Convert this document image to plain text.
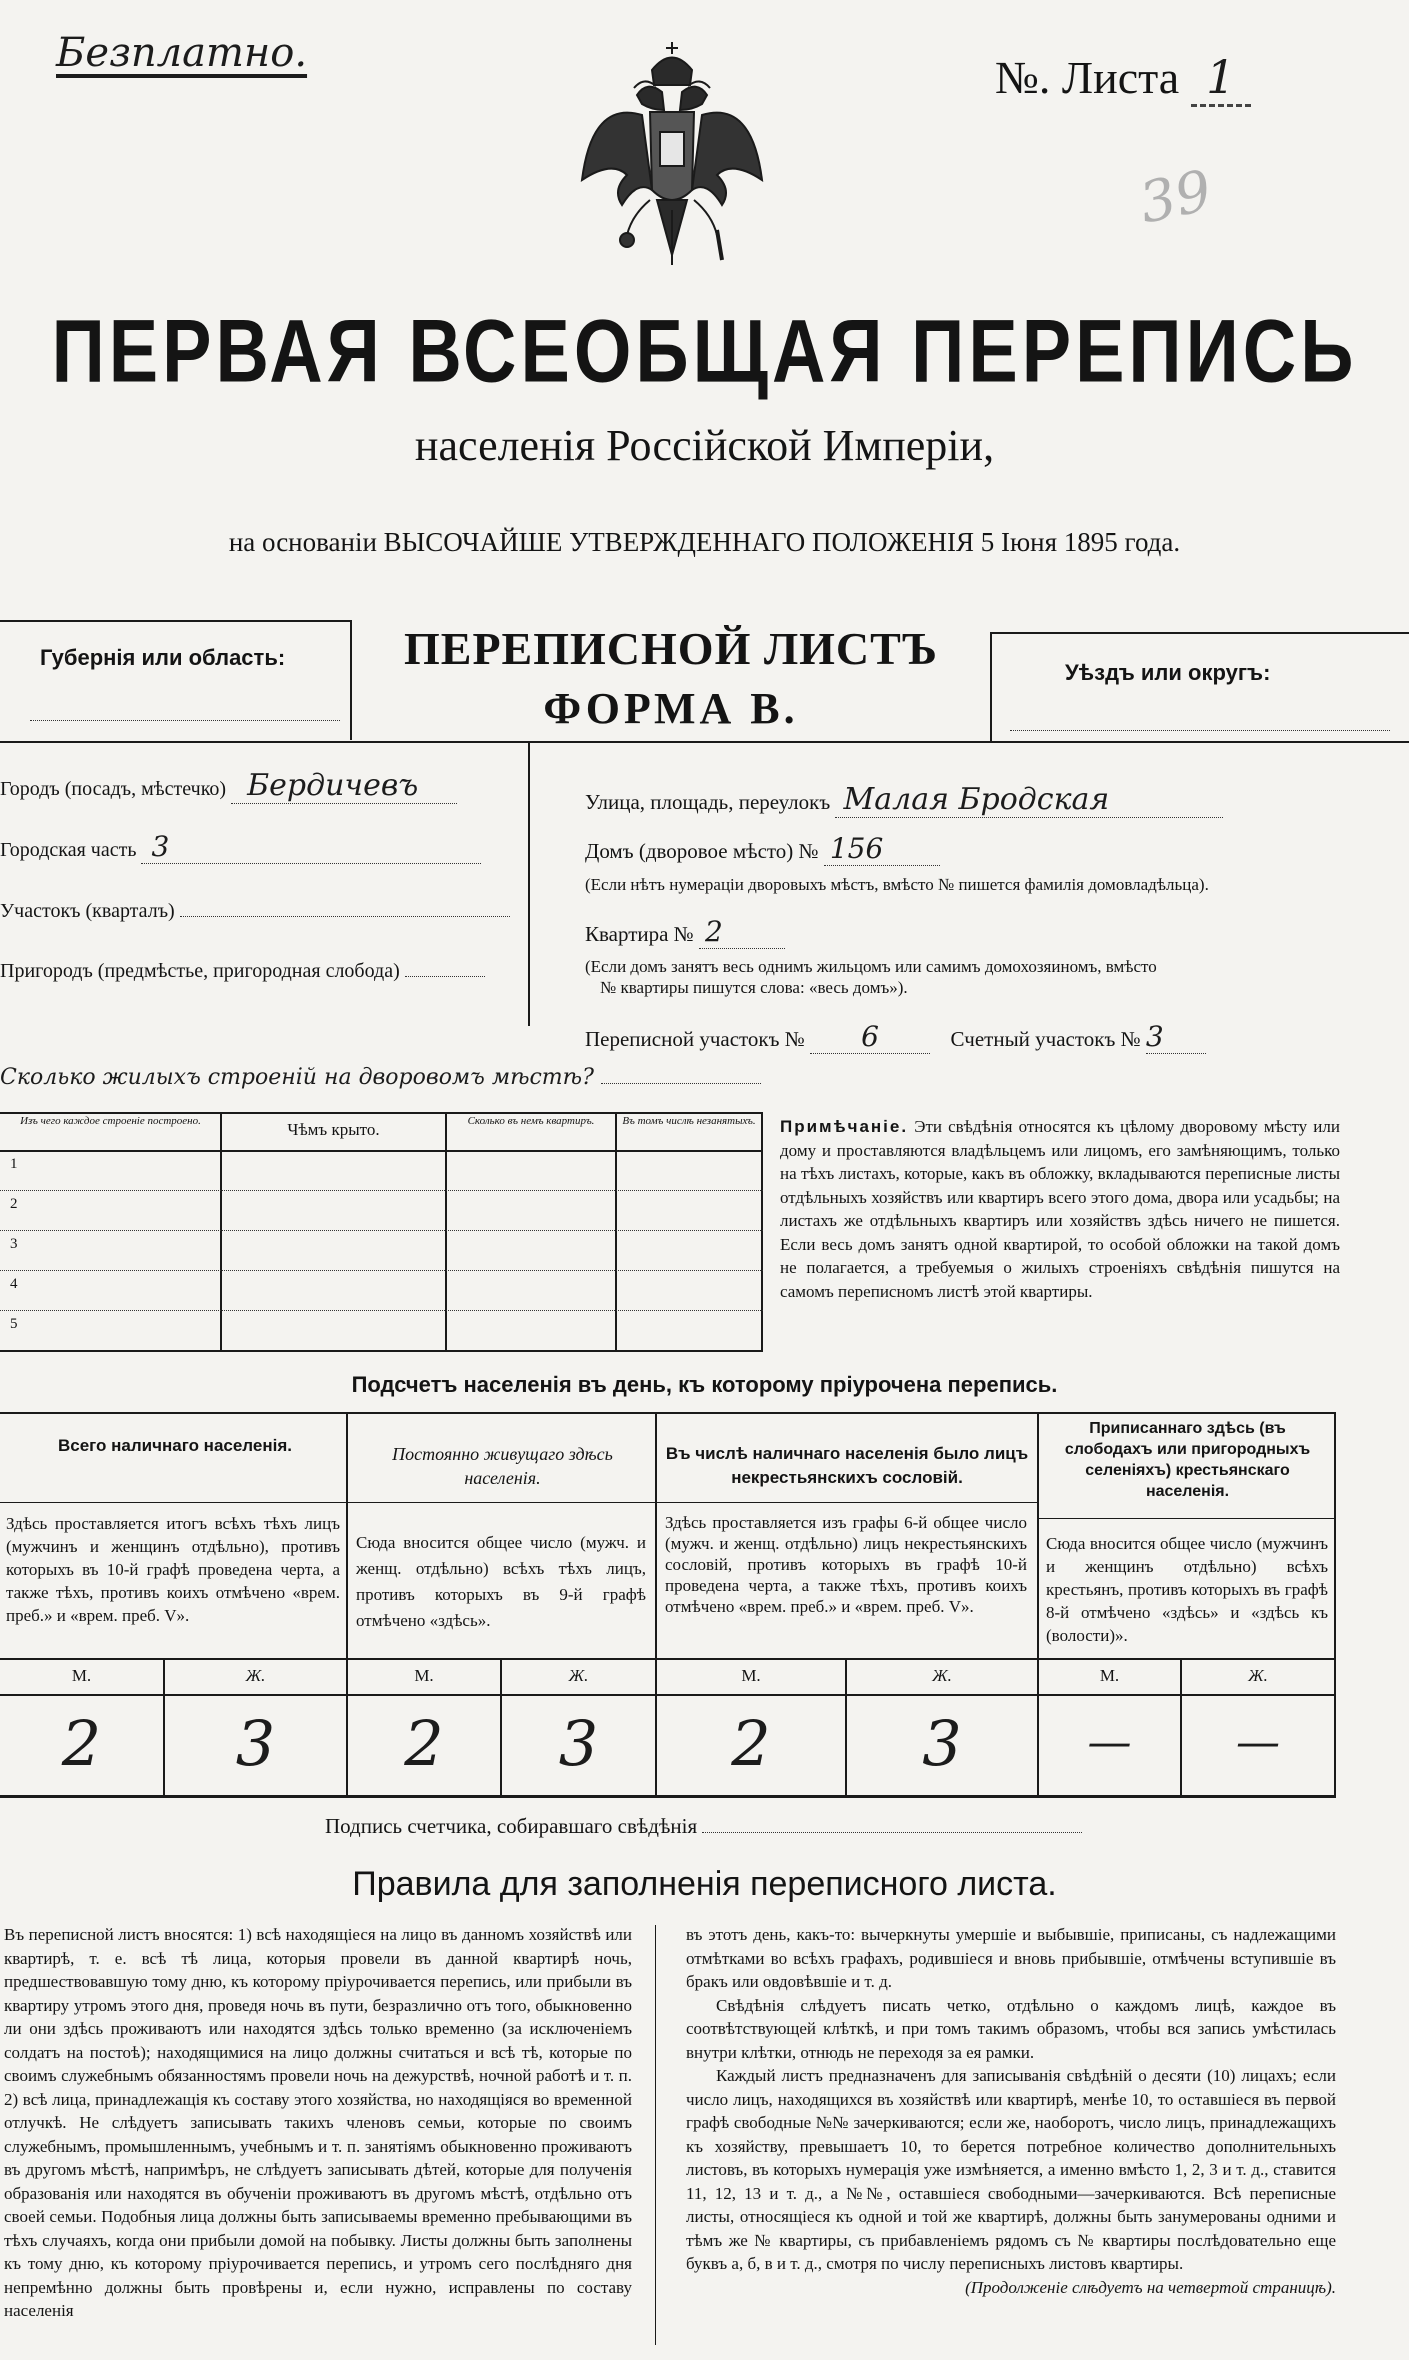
Безплатно.	№. Листа 1
39
ПЕРВАЯ ВСЕОБЩАЯ ПЕРЕПИСЬ
населенія Россійской Имперіи,
на основаніи ВЫСОЧАЙШЕ УТВЕРЖДЕННАГО ПОЛОЖЕНІЯ 5 Іюня 1895 года.
Губернія или область:	ПЕРЕПИСНОЙ ЛИСТЪ
ФОРМА В.
Уѣздъ или округъ:
Городъ (посадъ, мѣстечко) Бердичевъ
Городская часть 3
Участокъ (кварталъ)
Пригородъ (предмѣстье, пригородная слобода)
Улица, площадь, переулокъ Малая Бродская
Домъ (дворовое мѣсто) № 156
(Если нѣтъ нумераціи дворовыхъ мѣстъ, вмѣсто № пишется фамилія домовладѣльца).
Квартира № 2
(Если домъ занятъ весь однимъ жильцомъ или самимъ домохозяиномъ, вмѣсто
№ квартиры пишутся слова: «весь домъ»).
Переписной участокъ № 6	Счетный участокъ № 3
Сколько жилыхъ строеній на дворовомъ мѣстѣ?
Изъ чего каждое строеніе построено.	Чѣмъ крыто.	Сколько въ немъ квартиръ.	Въ томъ числѣ незанятыхъ.
1
2
3
4
5
Примѣчаніе. Эти свѣдѣнія относятся къ цѣлому дворовому мѣсту или дому и проставляются владѣльцемъ или лицомъ, его замѣняющимъ, только на тѣхъ листахъ, которые, какъ въ обложку, вкладываются переписные листы отдѣльныхъ хозяйствъ или квартиръ всего этого дома, двора или усадьбы; на листахъ же отдѣльныхъ квартиръ или хозяйствъ здѣсь ничего не пишется. Если весь домъ занятъ одной квартирой, то особой обложки на такой домъ не полагается, а требуемыя о жилыхъ строеніяхъ свѣдѣнія пишутся на самомъ переписномъ листѣ этой квартиры.
Подсчетъ населенія въ день, къ которому пріурочена перепись.
Всего наличнаго населенія.
Здѣсь проставляется итогъ всѣхъ тѣхъ лицъ (мужчинъ и женщинъ отдѣльно), противъ которыхъ въ 10-й графѣ проведена черта, а также тѣхъ, противъ коихъ отмѣчено «врем. преб.» и «врем. преб. V».
Постоянно живущаго здѣсь населенія.
Сюда вносится общее число (мужч. и женщ. отдѣльно) всѣхъ тѣхъ лицъ, противъ которыхъ въ 9-й графѣ отмѣчено «здѣсь».
Въ числѣ наличнаго населенія было лицъ некрестьянскихъ сословій.
Здѣсь проставляется изъ графы 6-й общее число (мужч. и женщ. отдѣльно) лицъ некрестьянскихъ сословій, противъ которыхъ въ графѣ 10-й проведена черта, а также тѣхъ, противъ коихъ отмѣчено «врем. преб.» и «врем. преб. V».
Приписаннаго здѣсь (въ слободахъ или пригородныхъ селеніяхъ) крестьянскаго населенія.
Сюда вносится общее число (мужчинъ и женщинъ отдѣльно) всѣхъ крестьянъ, противъ которыхъ въ графѣ 8-й отмѣчено «здѣсь» и «здѣсь къ (волости)».
М.	Ж.	М.	Ж.	М.	Ж.	М.	Ж.
2	3	2	3	2	3	—	—
Подпись счетчика, собиравшаго свѣдѣнія
Правила для заполненія переписного листа.

Въ переписной листъ вносятся: 1) всѣ находящіеся на лицо въ данномъ хозяйствѣ или квартирѣ, т. е. всѣ тѣ лица, которыя провели въ данной квартирѣ ночь, предшествовавшую тому дню, къ которому пріурочивается перепись, или прибыли въ квартиру утромъ этого дня, проведя ночь въ пути, безразлично отъ того, обыкновенно ли они здѣсь проживаютъ или находятся здѣсь только временно (за исключеніемъ солдатъ на постоѣ); находящимися на лицо должны считаться и всѣ тѣ, которые по своимъ служебнымъ обязанностямъ провели ночь на дежурствѣ, ночной работѣ и т. п. 2) всѣ лица, принадлежащія къ составу этого хозяйства, но находящіяся во временной отлучкѣ. Не слѣдуетъ записывать такихъ членовъ семьи, которые по своимъ служебнымъ, промышленнымъ, учебнымъ и т. п. занятіямъ обыкновенно проживаютъ въ другомъ мѣстѣ, напримѣръ, не слѣдуетъ записывать дѣтей, которые для полученія образованія или находятся въ обученіи проживаютъ въ другомъ мѣстѣ, отдѣльно отъ своей семьи. Подобныя лица должны быть записываемы временно пребывающими въ тѣхъ случаяхъ, когда они прибыли домой на побывку. Листы должны быть заполнены къ тому дню, къ которому пріурочивается перепись, и утромъ сего послѣдняго дня непремѣнно должны быть провѣрены и, если нужно, исправлены по составу населенія

въ этотъ день, какъ-то: вычеркнуты умершіе и выбывшіе, приписаны, съ надлежащими отмѣтками во всѣхъ графахъ, родившіеся и вновь прибывшіе, отмѣчены вступившіе въ бракъ или овдовѣвшіе и т. д.

Свѣдѣнія слѣдуетъ писать четко, отдѣльно о каждомъ лицѣ, каждое въ соотвѣтствующей клѣткѣ, и при томъ такимъ образомъ, чтобы вся запись умѣстилась внутри клѣтки, отнюдь не переходя за ея рамки.

Каждый листъ предназначенъ для записыванія свѣдѣній о десяти (10) лицахъ; если число лицъ, находящихся въ хозяйствѣ или квартирѣ, менѣе 10, то оставшіеся въ первой графѣ свободные №№ зачеркиваются; если же, наоборотъ, число лицъ, принадлежащихъ къ хозяйству, превышаетъ 10, то берется потребное количество дополнительныхъ листовъ, въ которыхъ нумерація уже измѣняется, а именно вмѣсто 1, 2, 3 и т. д., ставится 11, 12, 13 и т. д., а №№, оставшіеся свободными—зачеркиваются. Всѣ переписные листы, относящіеся къ одной и той же квартирѣ, должны быть занумерованы одними и тѣмъ же № квартиры, съ прибавленіемъ рядомъ съ № квартиры послѣдовательно еще буквъ а, б, в и т. д., смотря по числу переписныхъ листовъ квартиры.

(Продолженіе слѣдуетъ на четвертой страницѣ).
